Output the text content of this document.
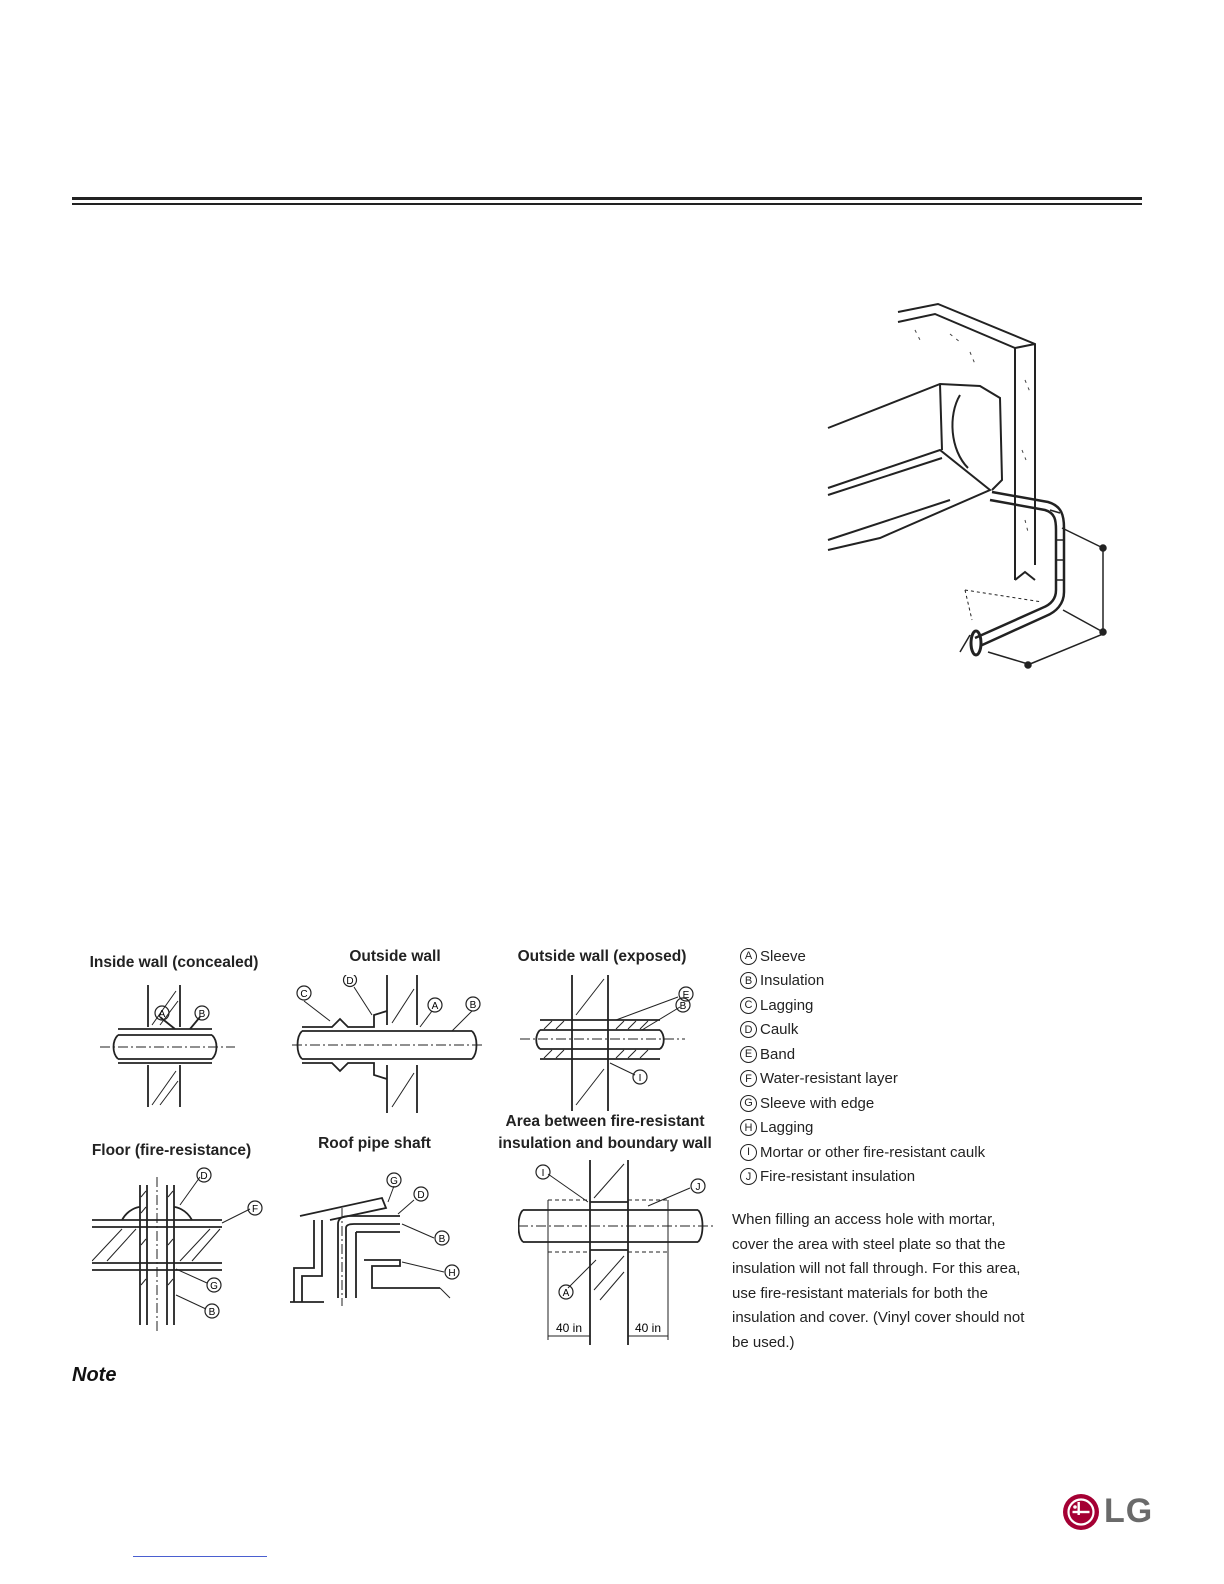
Inside wall (concealed)
A	B
Outside wall
C
D
A	B
Outside wall (exposed)
E
B
I
Floor (fire-resistance)
D
F
G
B
Roof pipe shaft
G
D
B
H
Area between fire-resistant
insulation and boundary wall
I
J
A
40 in	40 in
A Sleeve
B Insulation
C Lagging
D Caulk
E Band
F Water-resistant layer
G Sleeve with edge
H Lagging
I Mortar or other fire-resistant caulk
J Fire-resistant insulation
When filling an access hole with mortar, cover the area with steel plate so that the insulation will not fall through. For this area, use fire-resistant materials for both the insulation and cover. (Vinyl cover should not be used.)
Note
LG
